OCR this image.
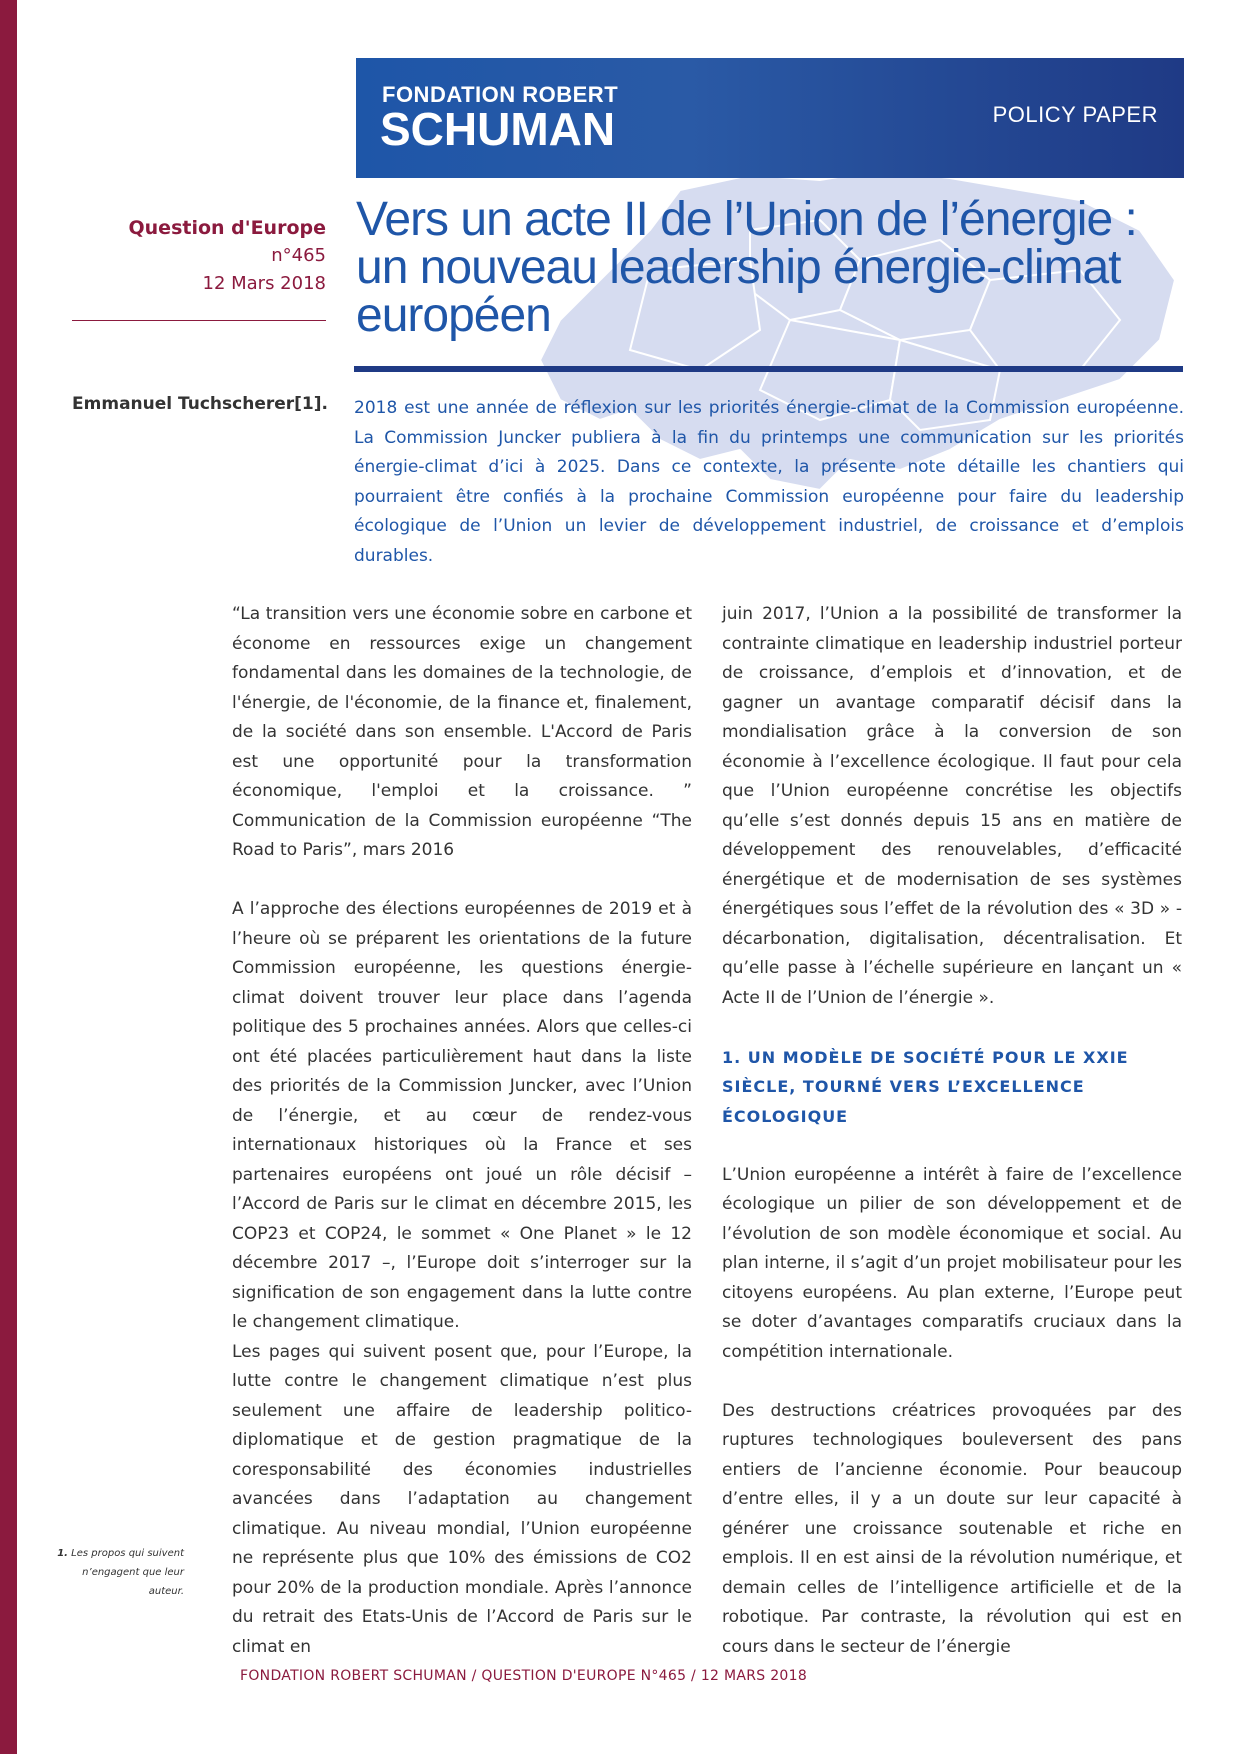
FONDATION ROBERT
SCHUMAN	POLICY PAPER
Question d'Europe
n°465
12 Mars 2018
Vers un acte II de l’Union de l’énergie : un nouveau leadership énergie-climat européen
Emmanuel Tuchscherer[1]. 2018 est une année de réflexion sur les priorités énergie-climat de la Commission européenne. La Commission Juncker publiera à la fin du printemps une communication sur les priorités énergie-climat d’ici à 2025. Dans ce contexte, la présente note détaille les chantiers qui pourraient être confiés à la prochaine Commission européenne pour faire du leadership écologique de l’Union un levier de développement industriel, de croissance et d’emplois durables.

“La transition vers une économie sobre en carbone et économe en ressources exige un changement fondamental dans les domaines de la technologie, de l'énergie, de l'économie, de la finance et, finalement, de la société dans son ensemble. L'Accord de Paris est une opportunité pour la transformation économique, l'emploi et la croissance. ” Communication de la Commission européenne “The Road to Paris”, mars 2016

A l’approche des élections européennes de 2019 et à l’heure où se préparent les orientations de la future Commission européenne, les questions énergie-climat doivent trouver leur place dans l’agenda politique des 5 prochaines années. Alors que celles-ci ont été placées particulièrement haut dans la liste des priorités de la Commission Juncker, avec l’Union de l’énergie, et au cœur de rendez-vous internationaux historiques où la France et ses partenaires européens ont joué un rôle décisif – l’Accord de Paris sur le climat en décembre 2015, les COP23 et COP24, le sommet « One Planet » le 12 décembre 2017 –, l’Europe doit s’interroger sur la signification de son engagement dans la lutte contre le changement climatique.

Les pages qui suivent posent que, pour l’Europe, la lutte contre le changement climatique n’est plus seulement une affaire de leadership politico-diplomatique et de gestion pragmatique de la coresponsabilité des économies industrielles avancées dans l’adaptation au changement climatique. Au niveau mondial, l’Union européenne ne représente plus que 10% des émissions de CO2 pour 20% de la production mondiale. Après l’annonce du retrait des Etats-Unis de l’Accord de Paris sur le climat en

juin 2017, l’Union a la possibilité de transformer la contrainte climatique en leadership industriel porteur de croissance, d’emplois et d’innovation, et de gagner un avantage comparatif décisif dans la mondialisation grâce à la conversion de son économie à l’excellence écologique. Il faut pour cela que l’Union européenne concrétise les objectifs qu’elle s’est donnés depuis 15 ans en matière de développement des renouvelables, d’efficacité énergétique et de modernisation de ses systèmes énergétiques sous l’effet de la révolution des « 3D » - décarbonation, digitalisation, décentralisation. Et qu’elle passe à l’échelle supérieure en lançant un « Acte II de l’Union de l’énergie ».

1. UN MODÈLE DE SOCIÉTÉ POUR LE XXIE SIÈCLE, TOURNÉ VERS L’EXCELLENCE ÉCOLOGIQUE

L’Union européenne a intérêt à faire de l’excellence écologique un pilier de son développement et de l’évolution de son modèle économique et social. Au plan interne, il s’agit d’un projet mobilisateur pour les citoyens européens. Au plan externe, l’Europe peut se doter d’avantages comparatifs cruciaux dans la compétition internationale.

Des destructions créatrices provoquées par des ruptures technologiques bouleversent des pans entiers de l’ancienne économie. Pour beaucoup d’entre elles, il y a un doute sur leur capacité à générer une croissance soutenable et riche en emplois. Il en est ainsi de la révolution numérique, et demain celles de l’intelligence artificielle et de la robotique. Par contraste, la révolution qui est en cours dans le secteur de l’énergie

1. Les propos qui suivent n’engagent que leur auteur.
FONDATION ROBERT SCHUMAN / QUESTION D'EUROPE N°465 / 12 MARS 2018
